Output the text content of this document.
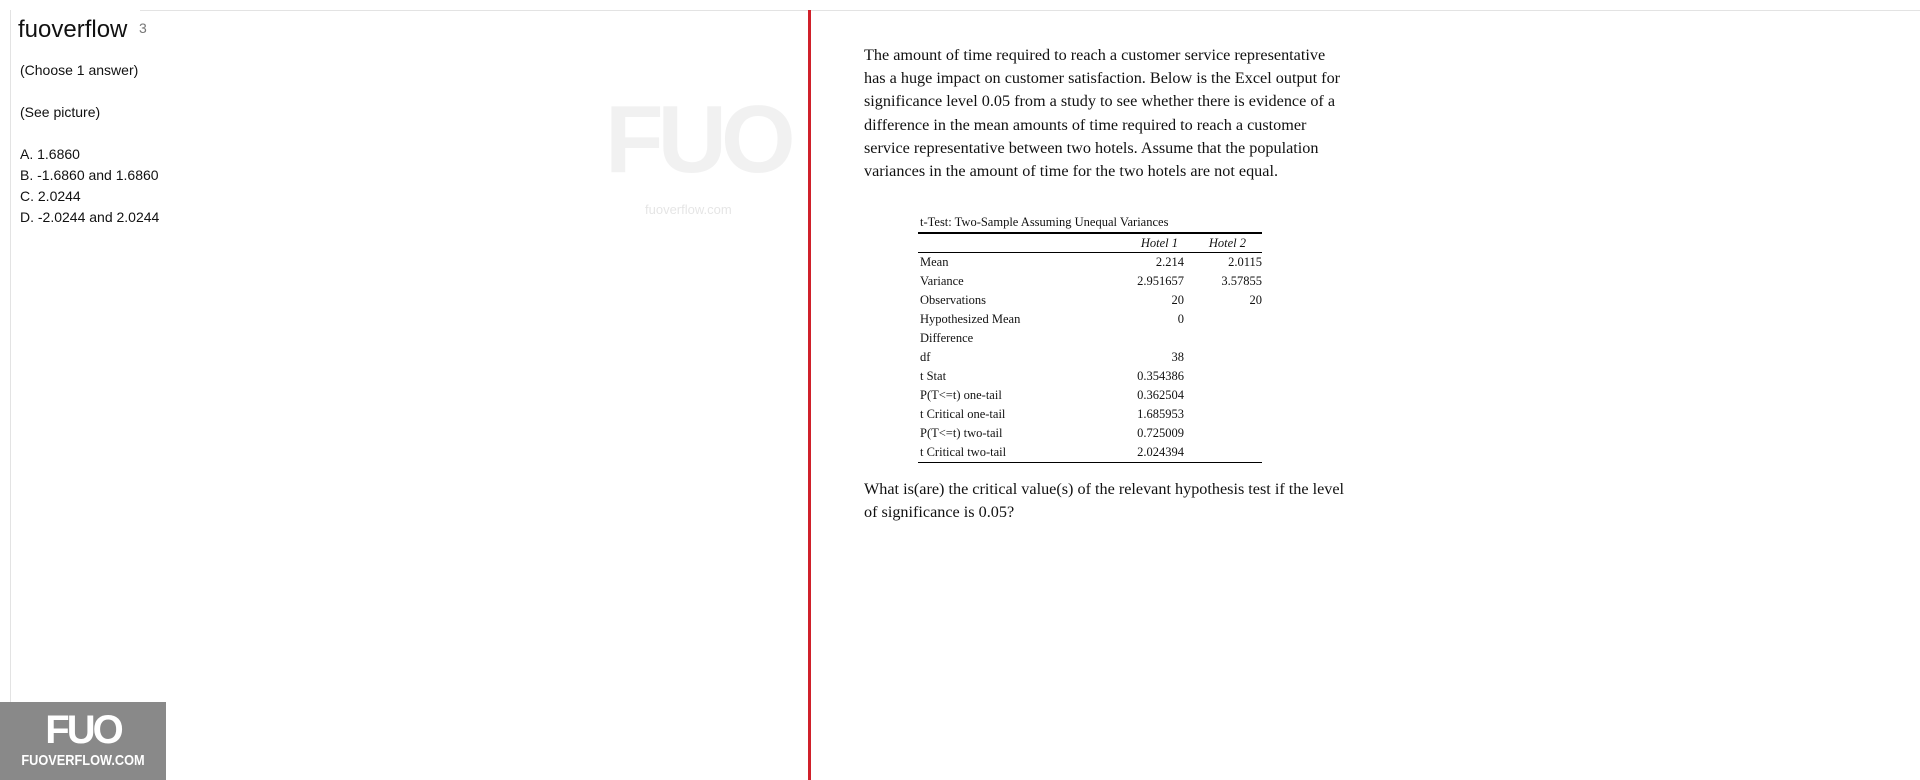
fuoverflow 3
(Choose 1 answer)
(See picture)
A. 1.6860
B. -1.6860 and 1.6860
C. 2.0244
D. -2.0244 and 2.0244
FUO
fuoverflow.com
The amount of time required to reach a customer service representative has a huge impact on customer satisfaction. Below is the Excel output for significance level 0.05 from a study to see whether there is evidence of a difference in the mean amounts of time required to reach a customer service representative between two hotels. Assume that the population variances in the amount of time for the two hotels are not equal.
t-Test: Two-Sample Assuming Unequal Variances
Hotel 1	Hotel 2
Mean	2.214	2.0115
Variance	2.951657	3.57855
Observations	20	20
Hypothesized Mean	0
Difference
df	38
t Stat	0.354386
P(T<=t) one-tail	0.362504
t Critical one-tail	1.685953
P(T<=t) two-tail	0.725009
t Critical two-tail	2.024394
What is(are) the critical value(s) of the relevant hypothesis test if the level of significance is 0.05?
FUO
FUOVERFLOW.COM
